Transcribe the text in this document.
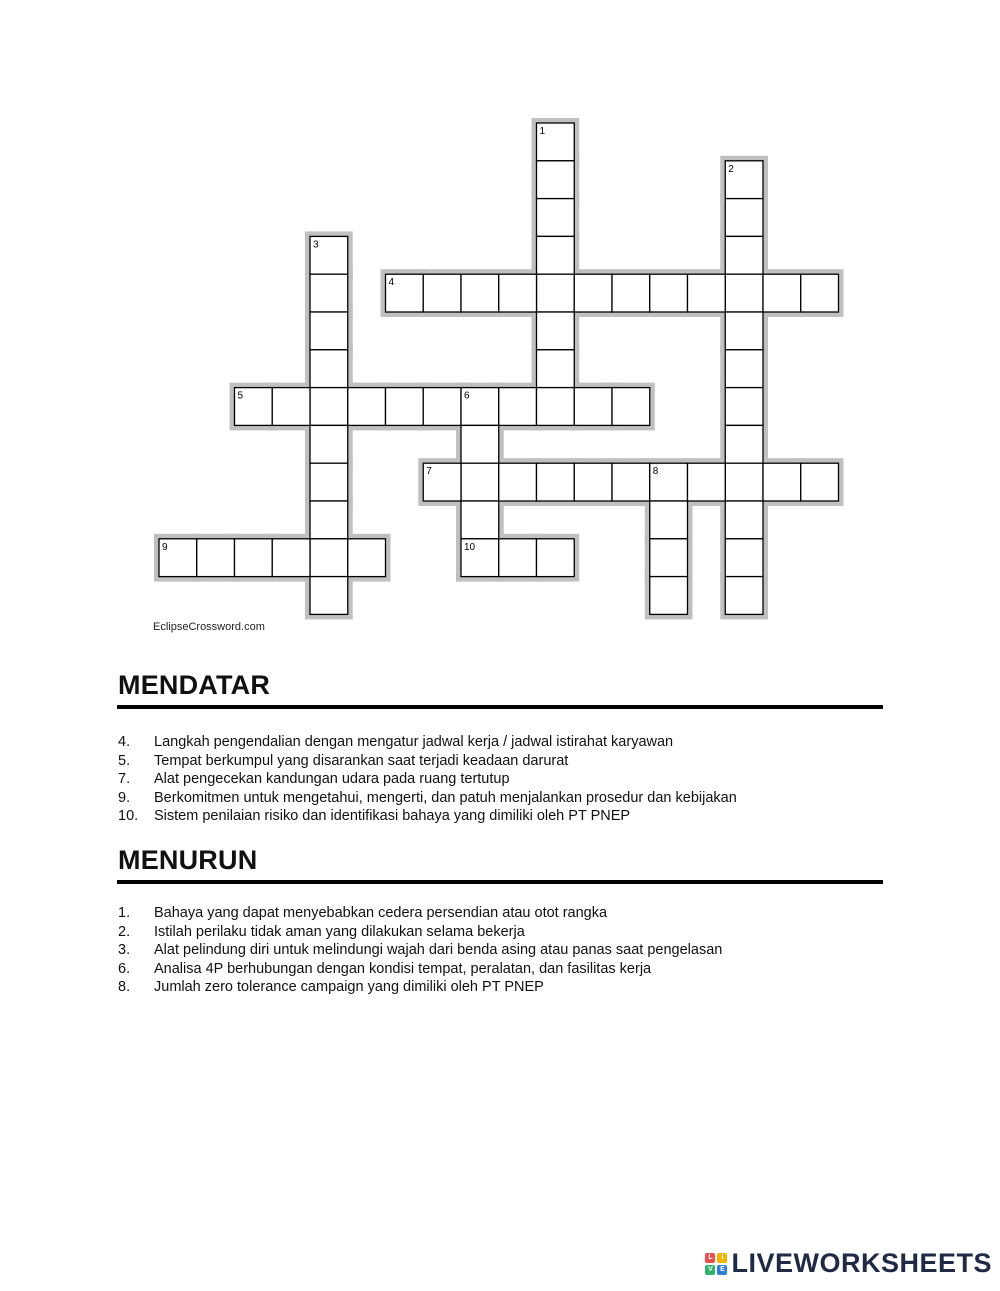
1
2
3
4
5	6
7	8
9	10
EclipseCrossword.com
MENDATAR
4.	Langkah pengendalian dengan mengatur jadwal kerja / jadwal istirahat karyawan
5.	Tempat berkumpul yang disarankan saat terjadi keadaan darurat
7.	Alat pengecekan kandungan udara pada ruang tertutup
9.	Berkomitmen untuk mengetahui, mengerti, dan patuh menjalankan prosedur dan kebijakan
10.	Sistem penilaian risiko dan identifikasi bahaya yang dimiliki oleh PT PNEP
MENURUN
1.	Bahaya yang dapat menyebabkan cedera persendian atau otot rangka
2.	Istilah perilaku tidak aman yang dilakukan selama bekerja
3.	Alat pelindung diri untuk melindungi wajah dari benda asing atau panas saat pengelasan
6.	Analisa 4P berhubungan dengan kondisi tempat, peralatan, dan fasilitas kerja
8.	Jumlah zero tolerance campaign yang dimiliki oleh PT PNEP
L	I
V	E LIVEWORKSHEETS
